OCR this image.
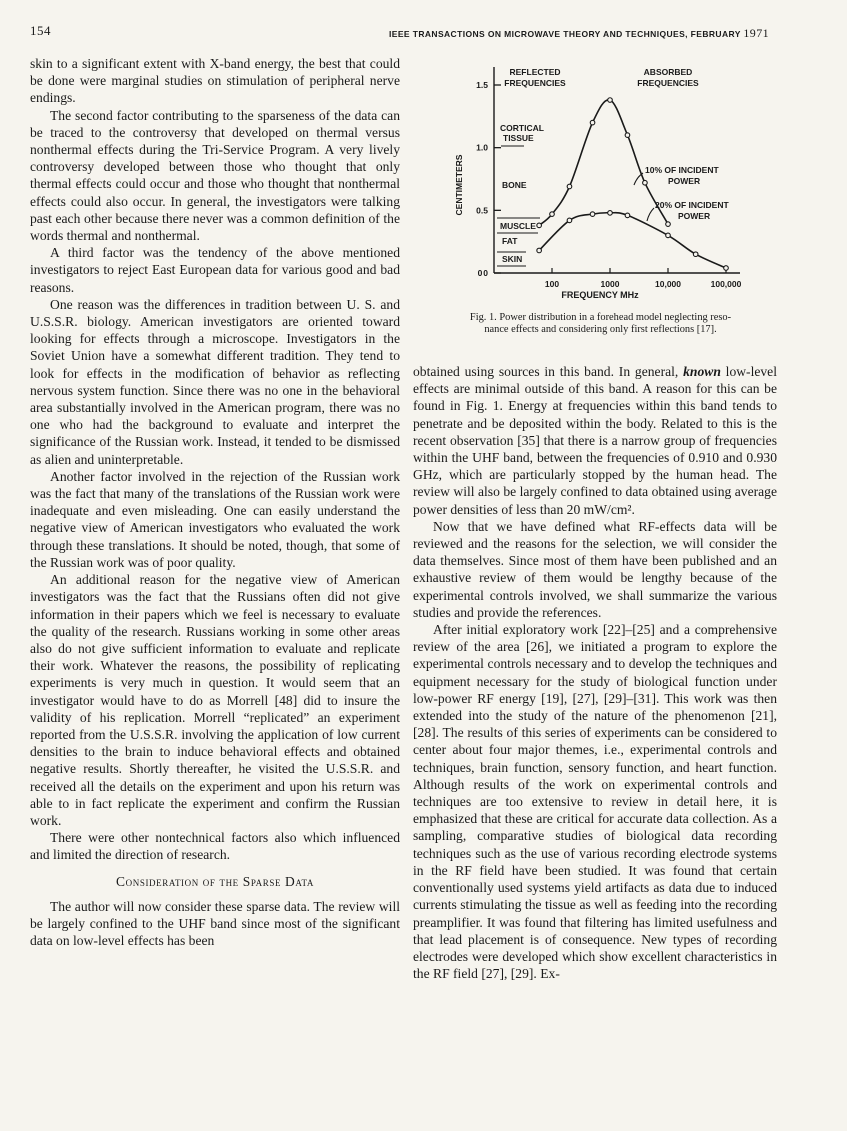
154	IEEE TRANSACTIONS ON MICROWAVE THEORY AND TECHNIQUES, FEBRUARY 1971

skin to a significant extent with X-band energy, the best that could be done were marginal studies on stimulation of peripheral nerve endings.

The second factor contributing to the sparseness of the data can be traced to the controversy that developed on thermal versus nonthermal effects during the Tri-Service Program. A very lively controversy developed between those who thought that only thermal effects could occur and those who thought that nonthermal effects could also occur. In general, the investigators were talking past each other because there never was a common definition of the words thermal and nonthermal.

A third factor was the tendency of the above mentioned investigators to reject East European data for various good and bad reasons.

One reason was the differences in tradition between U. S. and U.S.S.R. biology. American investigators are oriented toward looking for effects through a microscope. Investigators in the Soviet Union have a somewhat different tradition. They tend to look for effects in the modification of behavior as reflecting nervous system function. Since there was no one in the behavioral area substantially involved in the American program, there was no one who had the background to evaluate and interpret the significance of the Russian work. Instead, it tended to be dismissed as alien and uninterpretable.

Another factor involved in the rejection of the Russian work was the fact that many of the translations of the Russian work were inadequate and even misleading. One can easily understand the negative view of American investigators who evaluated the work through these translations. It should be noted, though, that some of the Russian work was of poor quality.

An additional reason for the negative view of American investigators was the fact that the Russians often did not give information in their papers which we feel is necessary to evaluate the quality of the research. Russians working in some other areas also do not give sufficient information to evaluate and replicate their work. Whatever the reasons, the possibility of replicating experiments is very much in question. It would seem that an investigator would have to do as Morrell [48] did to insure the validity of his replication. Morrell “replicated” an experiment reported from the U.S.S.R. involving the application of low current densities to the brain to induce behavioral effects and obtained negative results. Shortly thereafter, he visited the U.S.S.R. and received all the details on the experiment and upon his return was able to in fact replicate the experiment and confirm the Russian work.

There were other nontechnical factors also which influenced and limited the direction of research.

Consideration of the Sparse Data

The author will now consider these sparse data. The review will be largely confined to the UHF band since most of the significant data on low-level effects has been

0
0.5
1.0
1.5
0
100	1000	10,000	100,000
CENTIMETERS
FREQUENCY MHz
REFLECTED
FREQUENCIES
ABSORBED
FREQUENCIES
CORTICAL
TISSUE
BONE
MUSCLE
FAT
SKIN
10% OF INCIDENT
POWER
20% OF INCIDENT
POWER
Fig. 1. Power distribution in a forehead model neglecting reso-
nance effects and considering only first reflections [17].

obtained using sources in this band. In general, known low-level effects are minimal outside of this band. A reason for this can be found in Fig. 1. Energy at frequencies within this band tends to penetrate and be deposited within the body. Related to this is the recent observation [35] that there is a narrow group of frequencies within the UHF band, between the frequencies of 0.910 and 0.930 GHz, which are particularly stopped by the human head. The review will also be largely confined to data obtained using average power densities of less than 20 mW/cm².

Now that we have defined what RF-effects data will be reviewed and the reasons for the selection, we will consider the data themselves. Since most of them have been published and an exhaustive review of them would be lengthy because of the experimental controls involved, we shall summarize the various studies and provide the references.

After initial exploratory work [22]–[25] and a comprehensive review of the area [26], we initiated a program to explore the experimental controls necessary and to develop the techniques and equipment necessary for the study of biological function under low-power RF energy [19], [27], [29]–[31]. This work was then extended into the study of the nature of the phenomenon [21], [28]. The results of this series of experiments can be considered to center about four major themes, i.e., experimental controls and techniques, brain function, sensory function, and heart function. Although results of the work on experimental controls and techniques are too extensive to review in detail here, it is emphasized that these are critical for accurate data collection. As a sampling, comparative studies of biological data recording techniques such as the use of various recording electrode systems in the RF field have been studied. It was found that certain conventionally used systems yield artifacts as data due to induced currents stimulating the tissue as well as feeding into the recording preamplifier. It was found that filtering has limited usefulness and that lead placement is of consequence. New types of recording electrodes were developed which show excellent characteristics in the RF field [27], [29]. Ex-
